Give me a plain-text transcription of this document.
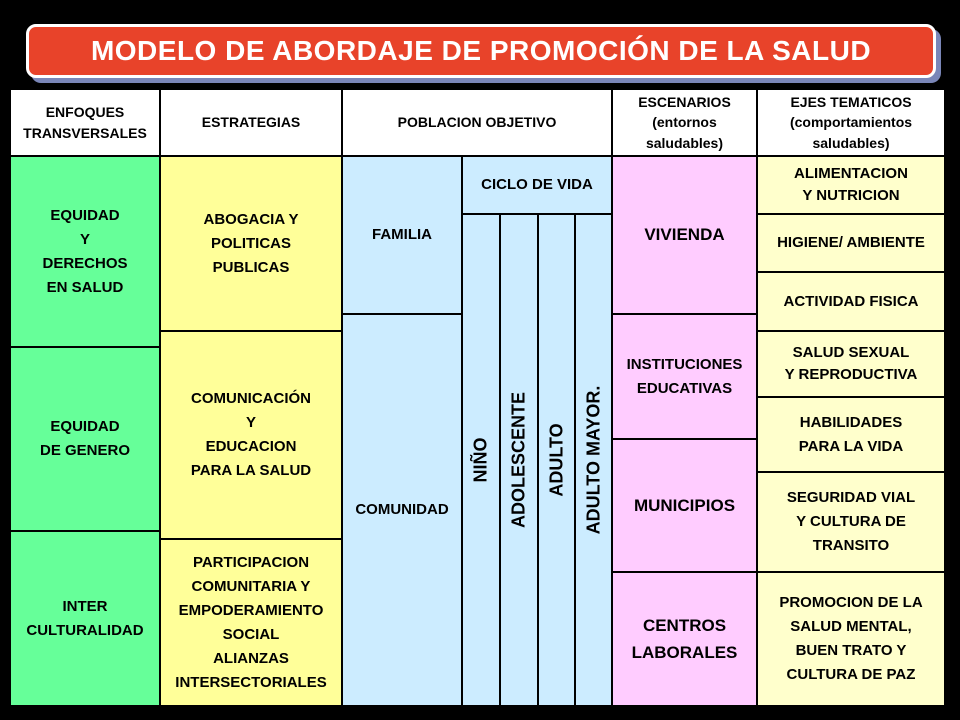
MODELO DE ABORDAJE DE PROMOCIÓN DE LA SALUD
ENFOQUES
TRANSVERSALES
ESTRATEGIAS	POBLACION OBJETIVO
ESCENARIOS
(entornos
saludables)
EJES TEMATICOS
(comportamientos
saludables)
EQUIDAD
Y
DERECHOS
EN SALUD
EQUIDAD
DE GENERO
INTER
CULTURALIDAD
ABOGACIA Y
POLITICAS
PUBLICAS
COMUNICACIÓN
Y
EDUCACION
PARA LA SALUD
PARTICIPACION
COMUNITARIA Y
EMPODERAMIENTO
SOCIAL
ALIANZAS
INTERSECTORIALES
FAMILIA
COMUNIDAD
CICLO DE VIDA
NIÑO ADOLESCENTE ADULTO ADULTO MAYOR.
VIVIENDA
INSTITUCIONES
EDUCATIVAS
MUNICIPIOS
CENTROS
LABORALES
ALIMENTACION
Y NUTRICION
HIGIENE/ AMBIENTE
ACTIVIDAD FISICA
SALUD SEXUAL
Y REPRODUCTIVA
HABILIDADES
PARA LA VIDA
SEGURIDAD VIAL
Y CULTURA DE
TRANSITO
PROMOCION DE LA
SALUD MENTAL,
BUEN TRATO Y
CULTURA DE PAZ
